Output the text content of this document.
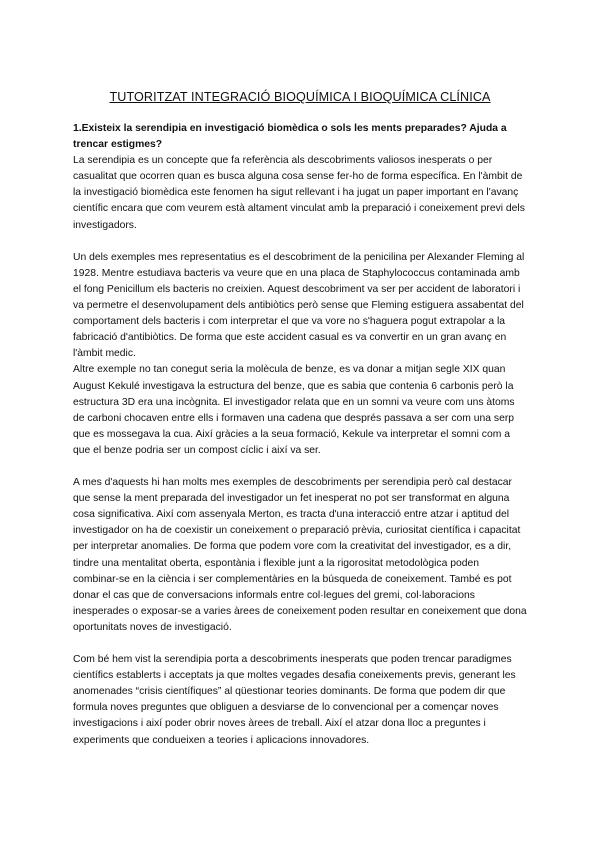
TUTORITZAT INTEGRACIÓ BIOQUÍMICA I BIOQUÍMICA CLÍNICA

1.Existeix la serendipia en investigació biomèdica o sols les ments preparades? Ajuda a trencar estigmes?

La serendipia es un concepte que fa referència als descobriments valiosos inesperats o per casualitat que ocorren quan es busca alguna cosa sense fer-ho de forma específica. En l'àmbit de la investigació biomèdica este fenomen ha sigut rellevant i ha jugat un paper important en l'avanç científic encara que com veurem està altament vinculat amb la preparació i coneixement previ dels investigadors.

Un dels exemples mes representatius es el descobriment de la penicilina per Alexander Fleming al 1928. Mentre estudiava bacteris va veure que en una placa de Staphylococcus contaminada amb el fong Penicillum els bacteris no creixien. Aquest descobriment va ser per accident de laboratori i va permetre el desenvolupament dels antibiòtics però sense que Fleming estiguera assabentat del comportament dels bacteris i com interpretar el que va vore no s'haguera pogut extrapolar a la fabricació d'antibiòtics. De forma que este accident casual es va convertir en un gran avanç en l'àmbit medic.

Altre exemple no tan conegut seria la molècula de benze, es va donar a mitjan segle XIX quan August Kekulé investigava la estructura del benze, que es sabia que contenia 6 carbonis però la estructura 3D era una incògnita. El investigador relata que en un somni va veure com uns àtoms de carboni chocaven entre ells i formaven una cadena que després passava a ser com una serp que es mossegava la cua. Així gràcies a la seua formació, Kekule va interpretar el somni com a que el benze podria ser un compost cíclic i així va ser.

A mes d'aquests hi han molts mes exemples de descobriments per serendipia però cal destacar que sense la ment preparada del investigador un fet inesperat no pot ser transformat en alguna cosa significativa. Així com assenyala Merton, es tracta d'una interacció entre atzar i aptitud del investigador on ha de coexistir un coneixement o preparació prèvia, curiositat científica i capacitat per interpretar anomalies. De forma que podem vore com la creativitat del investigador, es a dir, tindre una mentalitat oberta, espontània i flexible junt a la rigorositat metodològica poden combinar-se en la ciència i ser complementàries en la búsqueda de coneixement. També es pot donar el cas que de conversacions informals entre col·legues del gremi, col·laboracions inesperades o exposar-se a varies àrees de coneixement poden resultar en coneixement que dona oportunitats noves de investigació.

Com bé hem vist la serendipia porta a descobriments inesperats que poden trencar paradigmes científics establerts i acceptats ja que moltes vegades desafia coneixements previs, generant les anomenades “crisis científiques” al qüestionar teories dominants. De forma que podem dir que formula noves preguntes que obliguen a desviarse de lo convencional per a començar noves investigacions i així poder obrir noves àrees de treball. Així el atzar dona lloc a preguntes i experiments que condueixen a teories i aplicacions innovadores.
